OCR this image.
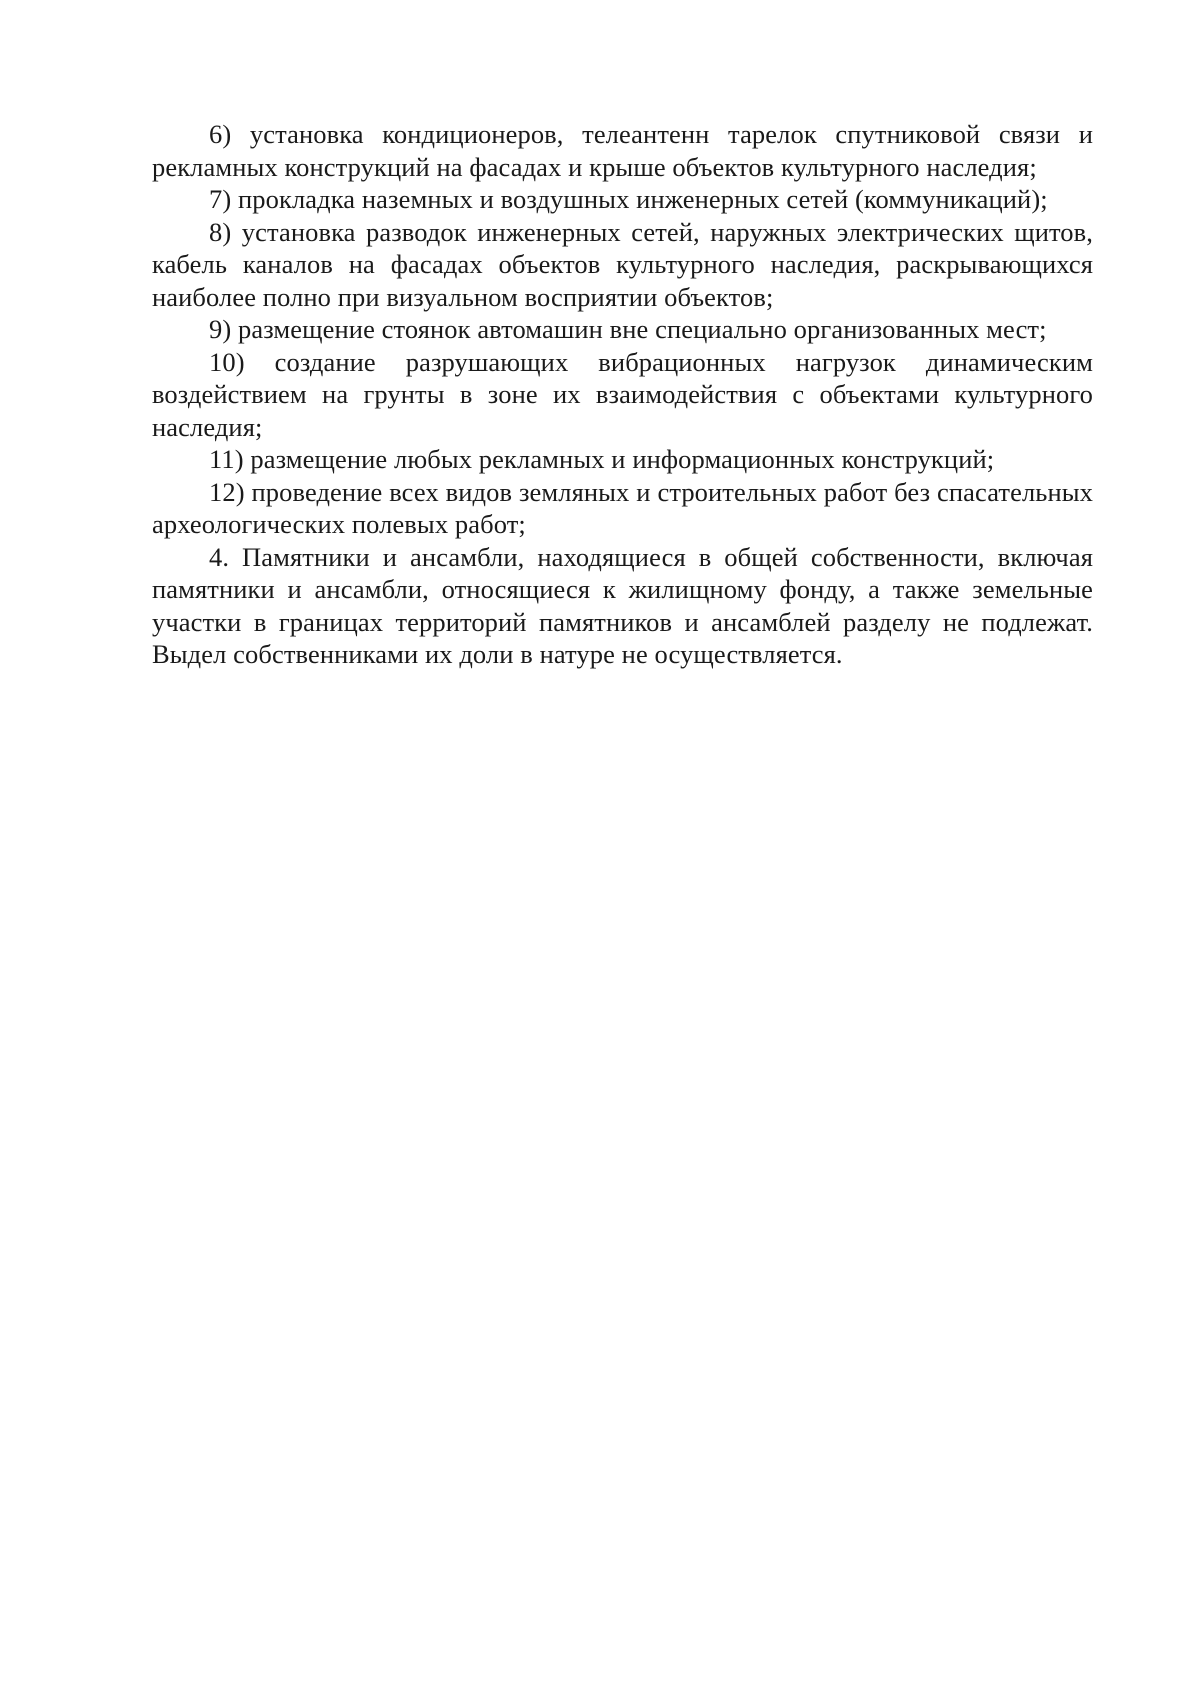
6) установка кондиционеров, телеантенн тарелок спутниковой связи и рекламных конструкций на фасадах и крыше объектов культурного наследия;

7) прокладка наземных и воздушных инженерных сетей (коммуникаций);

8) установка разводок инженерных сетей, наружных электрических щитов, кабель каналов на фасадах объектов культурного наследия, раскрывающихся наиболее полно при визуальном восприятии объектов;

9) размещение стоянок автомашин вне специально организованных мест;

10) создание разрушающих вибрационных нагрузок динамическим воздействием на грунты в зоне их взаимодействия с объектами культурного наследия;

11) размещение любых рекламных и информационных конструкций;

12) проведение всех видов земляных и строительных работ без спасательных археологических полевых работ;

4. Памятники и ансамбли, находящиеся в общей собственности, включая памятники и ансамбли, относящиеся к жилищному фонду, а также земельные участки в границах территорий памятников и ансамблей разделу не подлежат. Выдел собственниками их доли в натуре не осуществляется.
